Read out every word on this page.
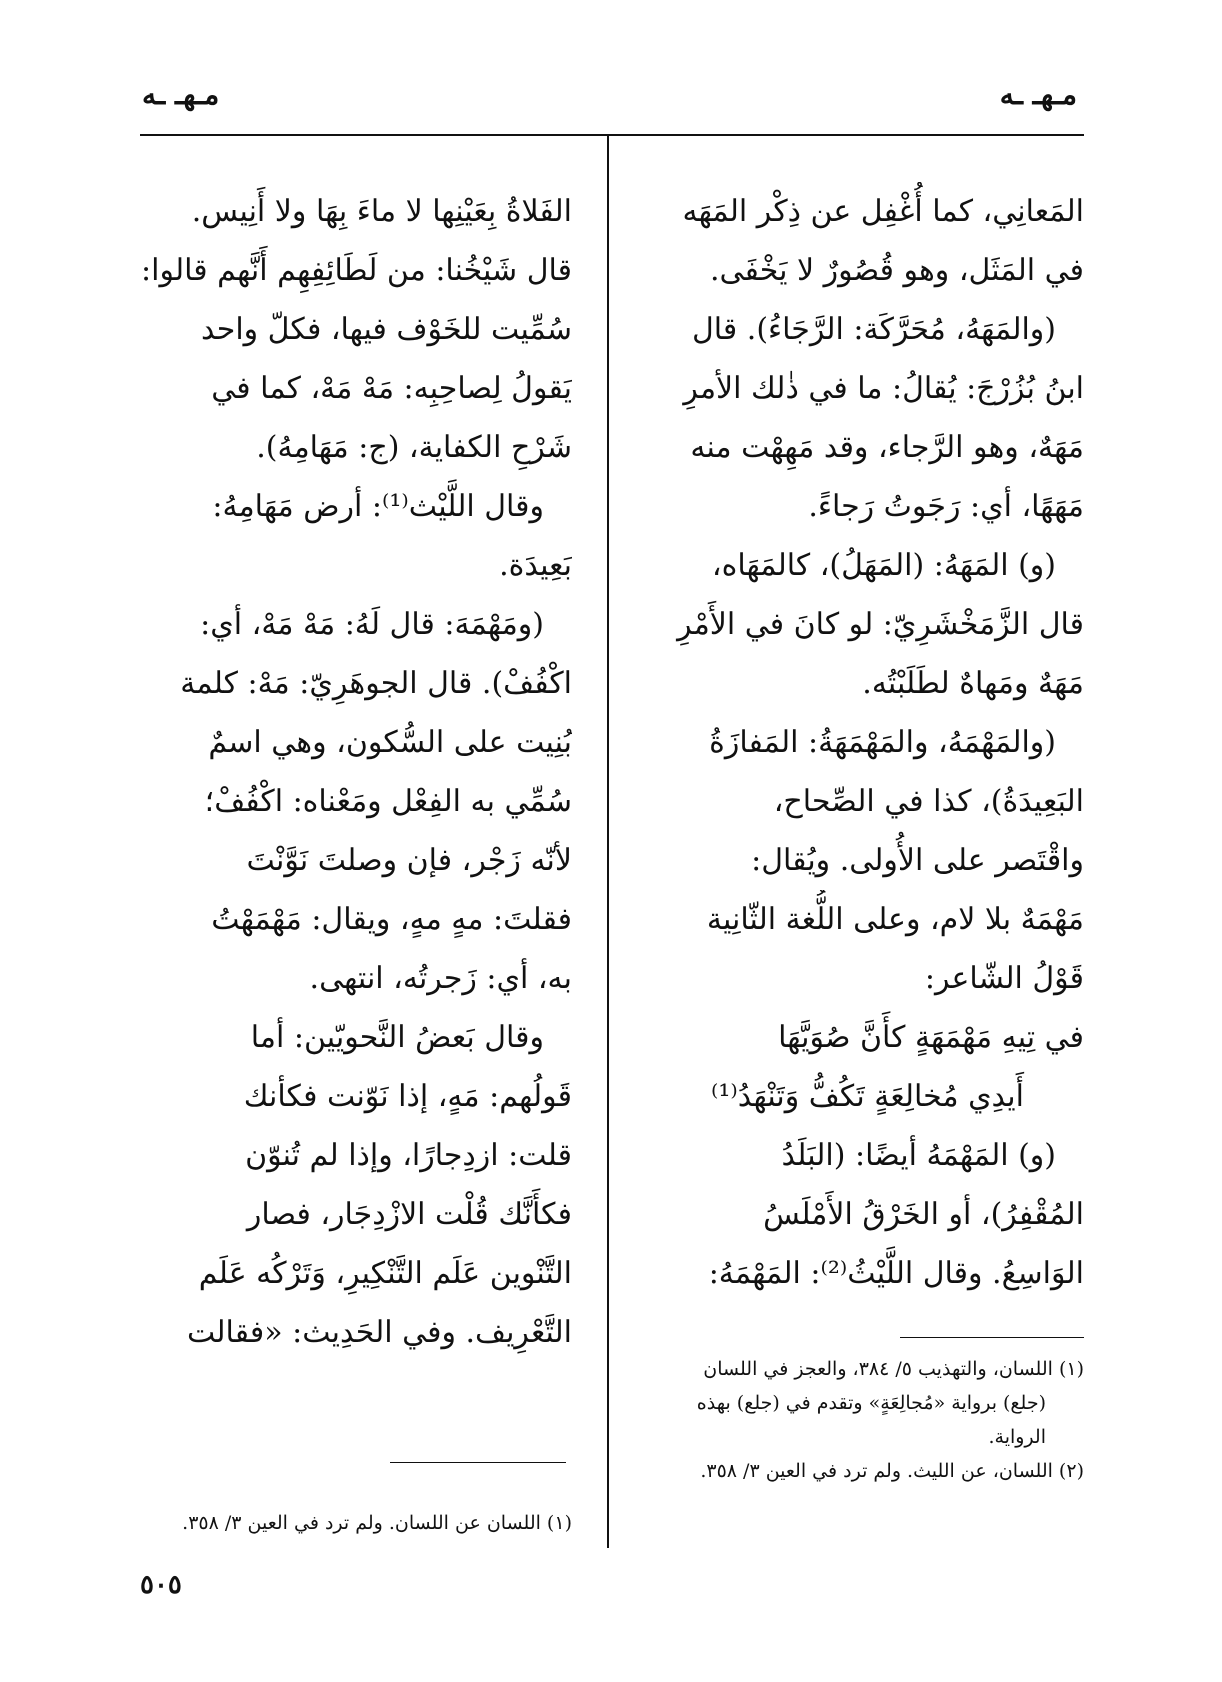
مـهـ ـه
مـهـ ـه
المَعانِي، كما أُغْفِل عن ذِكْر المَهَه
في المَثَل، وهو قُصُورٌ لا يَخْفَى.
(والمَهَهُ، مُحَرَّكَة: الرَّجَاءُ). قال
ابنُ بُزُرْجَ: يُقالُ: ما في ذٰلك الأمرِ
مَهَهٌ، وهو الرَّجاء، وقد مَهِهْت منه
مَهَهًا، أي: رَجَوتُ رَجاءً.
(و) المَهَهُ: (المَهَلُ)، كالمَهَاه،
قال الزَّمَخْشَرِيّ: لو كانَ في الأَمْرِ
مَهَهٌ ومَهاهٌ لطَلَبْتُه.
(والمَهْمَهُ، والمَهْمَهَةُ: المَفازَةُ
البَعِيدَةُ)، كذا في الصِّحاح،
واقْتَصر على الأُولى. ويُقال:
مَهْمَهٌ بلا لام، وعلى اللُّغة الثّانِية
قَوْلُ الشّاعر:
في تِيهِ مَهْمَهَةٍ كأَنَّ صُوَيَّهَا
أَيدِي مُخالِعَةٍ تَكُفُّ وَتَنْهَدُ⁽¹⁾
(و) المَهْمَهُ أيضًا: (البَلَدُ
المُقْفِرُ)، أو الخَرْقُ الأَمْلَسُ
الوَاسِعُ. وقال اللَّيْثُ⁽²⁾: المَهْمَهُ:
(١) اللسان، والتهذيب ٥/ ٣٨٤، والعجز في اللسان
(جلع) برواية «مُجالِعَةٍ» وتقدم في (جلع) بهذه
الرواية.
(٢) اللسان، عن الليث. ولم ترد في العين ٣/ ٣٥٨.
الفَلاةُ بِعَيْنِها لا ماءَ بِهَا ولا أَنِيس.
قال شَيْخُنا: من لَطَائِفِهِم أَنَّهم قالوا:
سُمِّيت للخَوْف فيها، فكلّ واحد
يَقولُ لِصاحِبِه: مَهْ مَهْ، كما في
شَرْحِ الكفاية، (ج: مَهَامِهُ).
وقال اللَّيْث⁽¹⁾: أرض مَهَامِهُ:
بَعِيدَة.
(ومَهْمَهَ: قال لَهُ: مَهْ مَهْ، أي:
اكْفُفْ). قال الجوهَرِيّ: مَهْ: كلمة
بُنِيت على السُّكون، وهي اسمٌ
سُمِّي به الفِعْل ومَعْناه: اكْفُفْ؛
لأنّه زَجْر، فإن وصلتَ نَوَّنْتَ
فقلتَ: مهٍ مهٍ، ويقال: مَهْمَهْتُ
به، أي: زَجرتُه، انتهى.
وقال بَعضُ النَّحويّين: أما
قَولُهم: مَهٍ، إذا نَوّنت فكأنك
قلت: ازدِجارًا، وإذا لم تُنوّن
فكأَنَّك قُلْت الازْدِجَار، فصار
التَّنْوين عَلَم التَّنْكِيرِ، وَتَرْكُه عَلَم
التَّعْرِيف. وفي الحَدِيث: «فقالت
(١) اللسان عن اللسان. ولم ترد في العين ٣/ ٣٥٨.
٥٠٥
